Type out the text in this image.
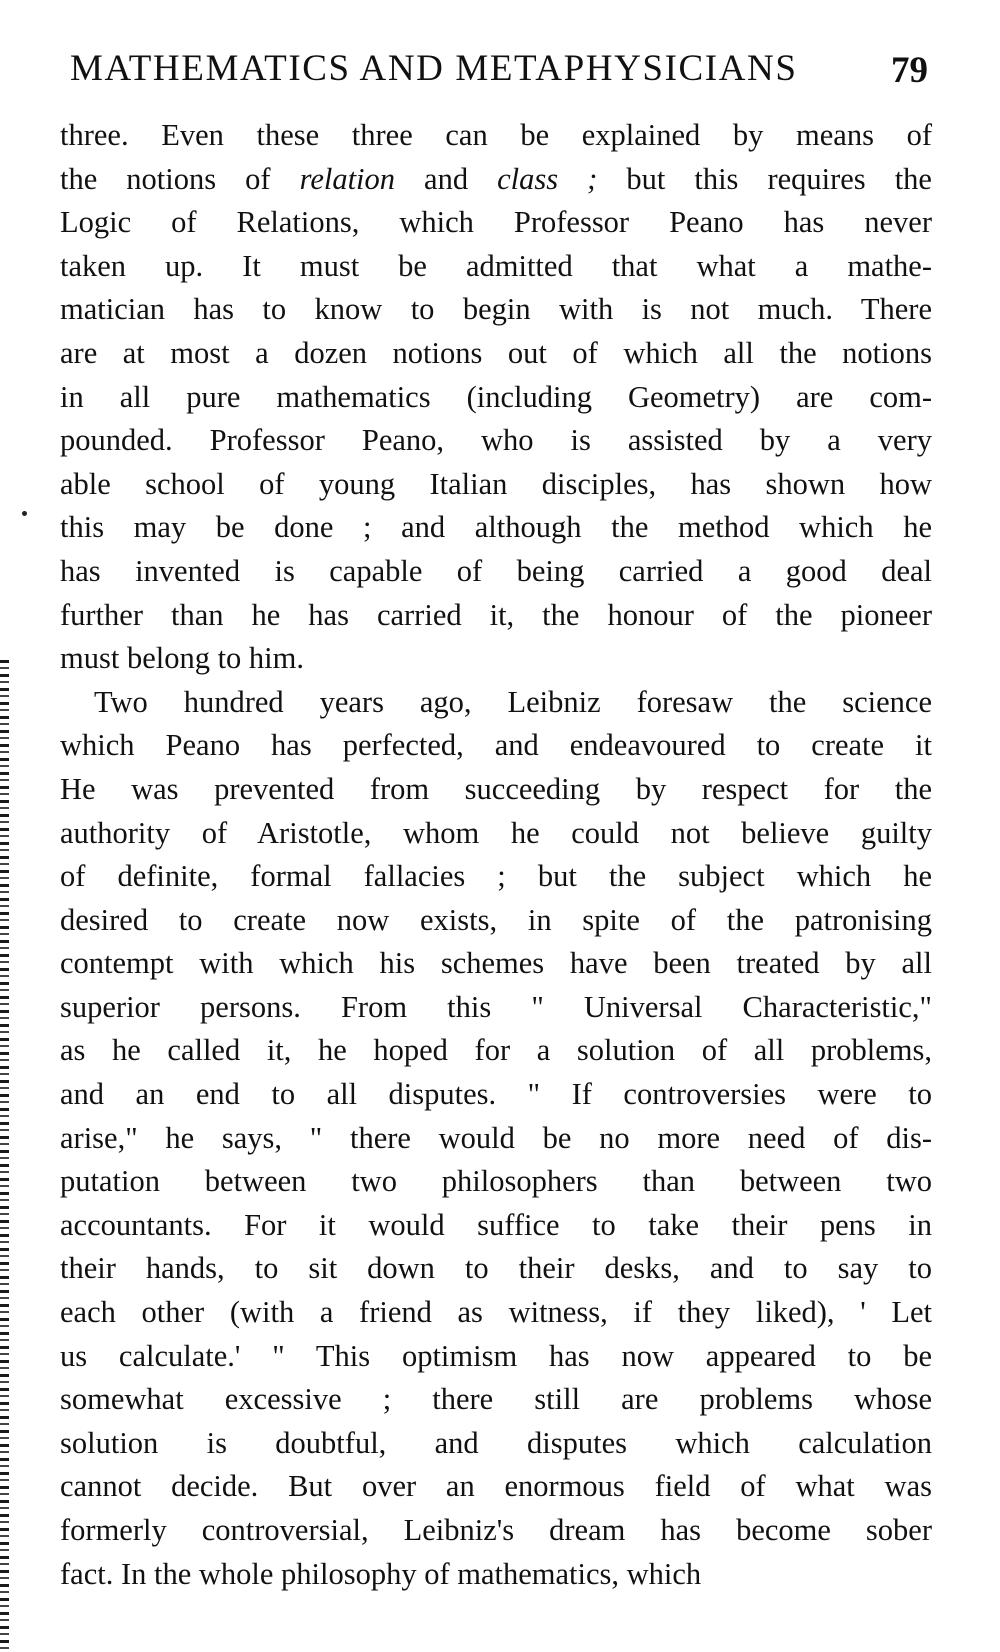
MATHEMATICS AND METAPHYSICIANS	79
three. Even these three can be explained by means of
the notions of relation and class ; but this requires the
Logic of Relations, which Professor Peano has never
taken up. It must be admitted that what a mathe-
matician has to know to begin with is not much. There
are at most a dozen notions out of which all the notions
in all pure mathematics (including Geometry) are com-
pounded. Professor Peano, who is assisted by a very
able school of young Italian disciples, has shown how
this may be done ; and although the method which he
has invented is capable of being carried a good deal
further than he has carried it, the honour of the pioneer
must belong to him.
Two hundred years ago, Leibniz foresaw the science
which Peano has perfected, and endeavoured to create it
He was prevented from succeeding by respect for the
authority of Aristotle, whom he could not believe guilty
of definite, formal fallacies ; but the subject which he
desired to create now exists, in spite of the patronising
contempt with which his schemes have been treated by all
superior persons. From this " Universal Characteristic,"
as he called it, he hoped for a solution of all problems,
and an end to all disputes. " If controversies were to
arise," he says, " there would be no more need of dis-
putation between two philosophers than between two
accountants. For it would suffice to take their pens in
their hands, to sit down to their desks, and to say to
each other (with a friend as witness, if they liked), ' Let
us calculate.' " This optimism has now appeared to be
somewhat excessive ; there still are problems whose
solution is doubtful, and disputes which calculation
cannot decide. But over an enormous field of what was
formerly controversial, Leibniz's dream has become sober
fact. In the whole philosophy of mathematics, which
